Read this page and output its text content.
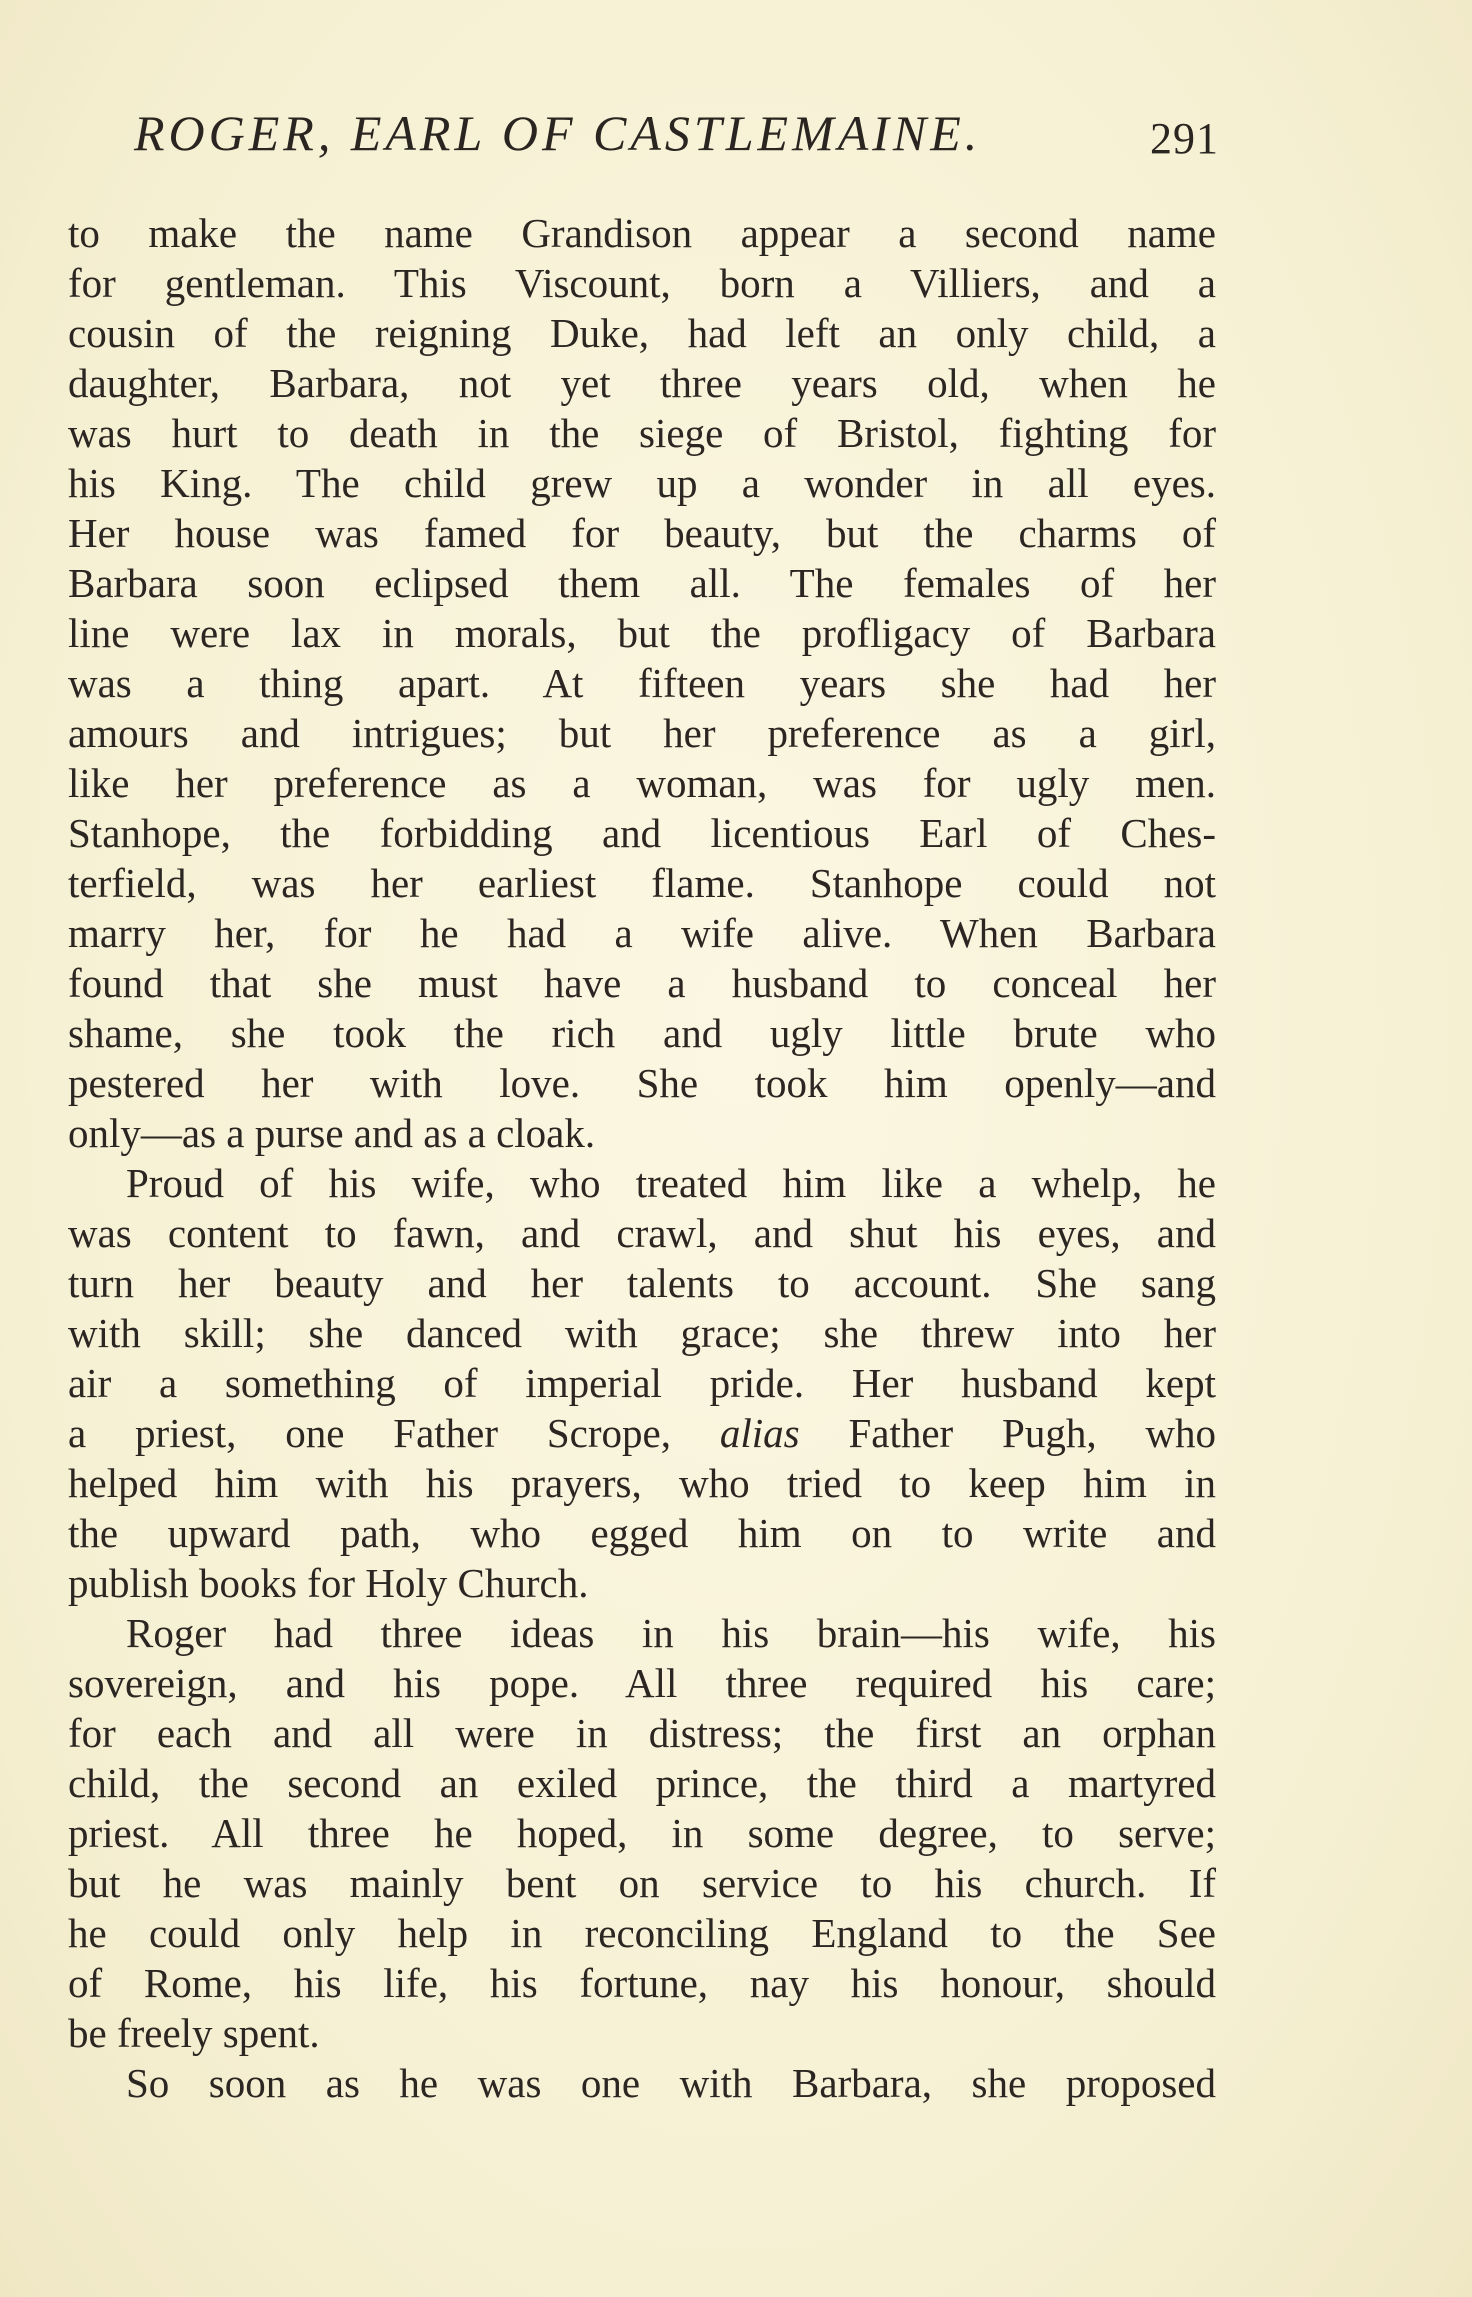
ROGER, EARL OF CASTLEMAINE.	291
to make the name Grandison appear a second name
for gentleman. This Viscount, born a Villiers, and a
cousin of the reigning Duke, had left an only child, a
daughter, Barbara, not yet three years old, when he
was hurt to death in the siege of Bristol, fighting for
his King. The child grew up a wonder in all eyes.
Her house was famed for beauty, but the charms of
Barbara soon eclipsed them all. The females of her
line were lax in morals, but the profligacy of Barbara
was a thing apart. At fifteen years she had her
amours and intrigues; but her preference as a girl,
like her preference as a woman, was for ugly men.
Stanhope, the forbidding and licentious Earl of Ches-
terfield, was her earliest flame. Stanhope could not
marry her, for he had a wife alive. When Barbara
found that she must have a husband to conceal her
shame, she took the rich and ugly little brute who
pestered her with love. She took him openly—and
only—as a purse and as a cloak.
Proud of his wife, who treated him like a whelp, he
was content to fawn, and crawl, and shut his eyes, and
turn her beauty and her talents to account. She sang
with skill; she danced with grace; she threw into her
air a something of imperial pride. Her husband kept
a priest, one Father Scrope, alias Father Pugh, who
helped him with his prayers, who tried to keep him in
the upward path, who egged him on to write and
publish books for Holy Church.
Roger had three ideas in his brain—his wife, his
sovereign, and his pope. All three required his care;
for each and all were in distress; the first an orphan
child, the second an exiled prince, the third a martyred
priest. All three he hoped, in some degree, to serve;
but he was mainly bent on service to his church. If
he could only help in reconciling England to the See
of Rome, his life, his fortune, nay his honour, should
be freely spent.
So soon as he was one with Barbara, she proposed
